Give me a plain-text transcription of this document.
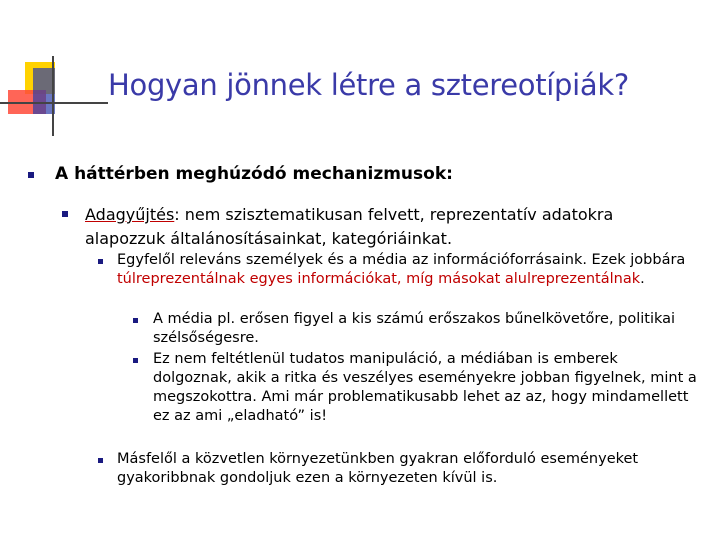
Hogyan jönnek létre a sztereotípiák?

A háttérben meghúzódó mechanizmusok:

Adagyűjtés: nem szisztematikusan felvett, reprezentatív adatokra alapozzuk általánosításainkat, kategóriáinkat.

Egyfelől releváns személyek és a média az információforrásaink. Ezek jobbára túlreprezentálnak egyes információkat, míg másokat alulreprezentálnak.

A média pl. erősen figyel a kis számú erőszakos bűnelkövetőre, politikai szélsőségesre.

Ez nem feltétlenül tudatos manipuláció, a médiában is emberek dolgoznak, akik a ritka és veszélyes eseményekre jobban figyelnek, mint a megszokottra. Ami már problematikusabb lehet az az, hogy mindamellett ez az ami „eladható” is!

Másfelől a közvetlen környezetünkben gyakran előforduló eseményeket gyakoribbnak gondoljuk ezen a környezeten kívül is.
